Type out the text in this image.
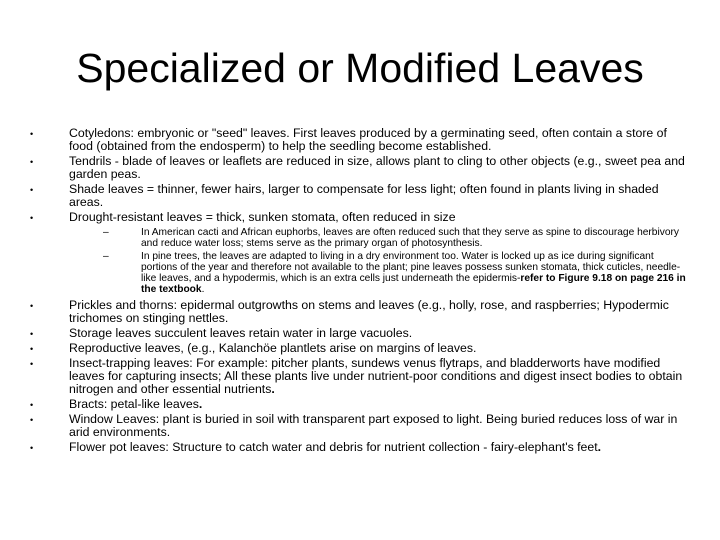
Specialized or Modified Leaves
•	Cotyledons: embryonic or "seed" leaves. First leaves produced by a germinating seed, often contain a store of food (obtained from the endosperm) to help the seedling become established.
•	Tendrils - blade of leaves or leaflets are reduced in size, allows plant to cling to other objects (e.g., sweet pea and garden peas.
•	Shade leaves = thinner, fewer hairs, larger to compensate for less light; often found in plants living in shaded areas.
•	Drought-resistant leaves = thick, sunken stomata, often reduced in size
–	In American cacti and African euphorbs, leaves are often reduced such that they serve as spine to discourage herbivory and reduce water loss; stems serve as the primary organ of photosynthesis.
–	In pine trees, the leaves are adapted to living in a dry environment too. Water is locked up as ice during significant portions of the year and therefore not available to the plant; pine leaves possess sunken stomata, thick cuticles, needle-like leaves, and a hypodermis, which is an extra cells just underneath the epidermis-refer to Figure 9.18 on page 216 in the textbook.
•	Prickles and thorns: epidermal outgrowths on stems and leaves (e.g., holly, rose, and raspberries; Hypodermic trichomes on stinging nettles.
•	Storage leaves succulent leaves retain water in large vacuoles.
•	Reproductive leaves, (e.g., Kalanchöe plantlets arise on margins of leaves.
•	Insect-trapping leaves: For example: pitcher plants, sundews venus flytraps, and bladderworts have modified leaves for capturing insects; All these plants live under nutrient-poor conditions and digest insect bodies to obtain nitrogen and other essential nutrients.
•	Bracts: petal-like leaves.
•	Window Leaves: plant is buried in soil with transparent part exposed to light. Being buried reduces loss of war in arid environments.
•	Flower pot leaves: Structure to catch water and debris for nutrient collection - fairy-elephant's feet.
